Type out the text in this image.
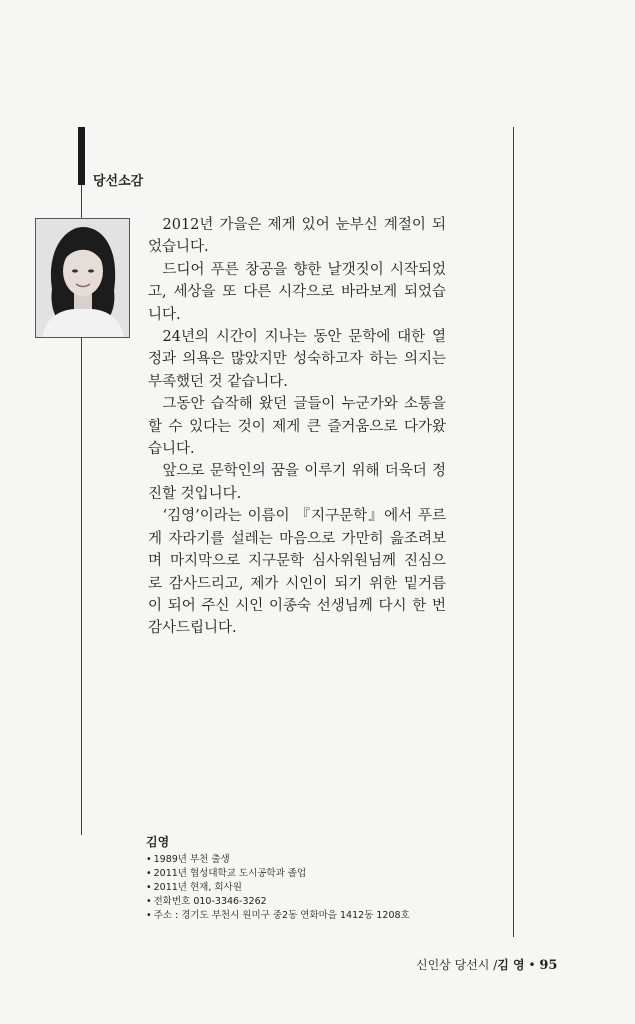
당선소감

2012년 가을은 제게 있어 눈부신 계절이 되었습니다.

드디어 푸른 창공을 향한 날갯짓이 시작되었고, 세상을 또 다른 시각으로 바라보게 되었습니다.

24년의 시간이 지나는 동안 문학에 대한 열정과 의욕은 많았지만 성숙하고자 하는 의지는 부족했던 것 같습니다.

그동안 습작해 왔던 글들이 누군가와 소통을 할 수 있다는 것이 제게 큰 즐거움으로 다가왔습니다.

앞으로 문학인의 꿈을 이루기 위해 더욱더 정진할 것입니다.

‘김영’이라는 이름이 『지구문학』에서 푸르게 자라기를 설레는 마음으로 가만히 읊조려보며 마지막으로 지구문학 심사위원님께 진심으로 감사드리고, 제가 시인이 되기 위한 밑거름이 되어 주신 시인 이종숙 선생님께 다시 한 번 감사드립니다.

김영
• 1989년 부천 출생
• 2011년 협성대학교 도시공학과 졸업
• 2011년 현재, 회사원
• 전화번호 010-3346-3262
• 주소 : 경기도 부천시 원미구 중2동 연화마을 1412동 1208호
신인상 당선시 /김 영 • 95
